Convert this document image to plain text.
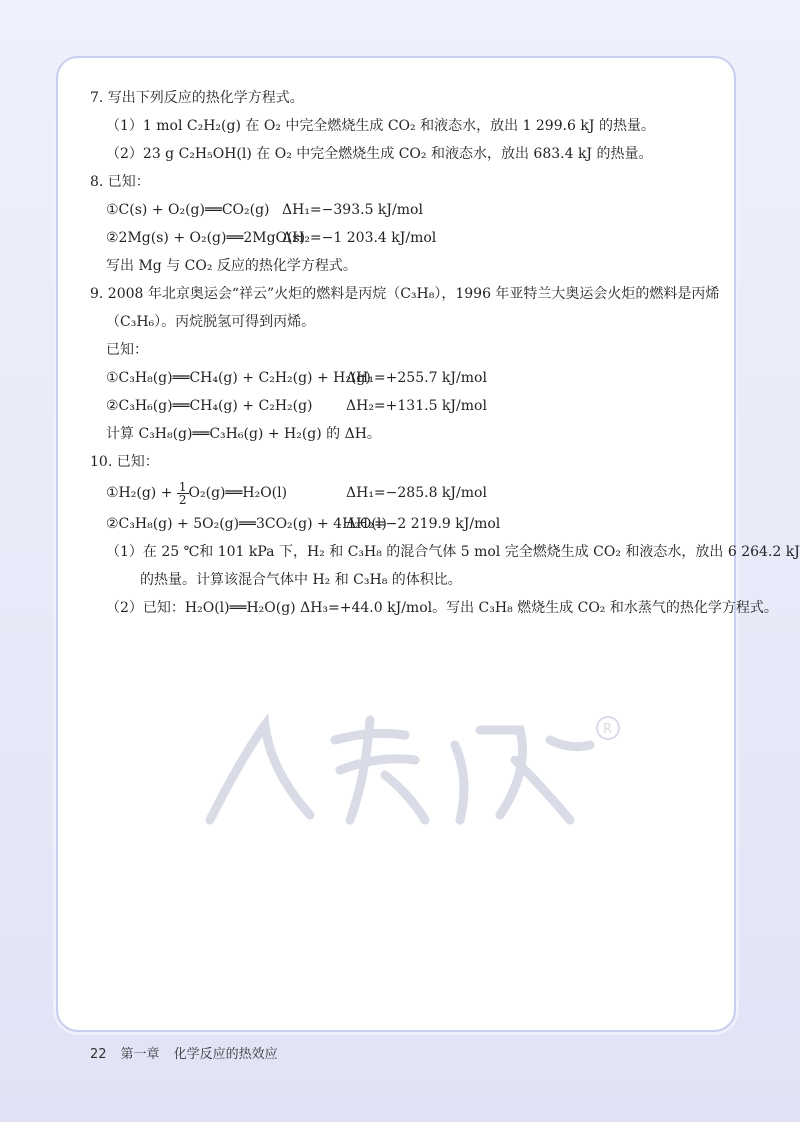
R
7. 写出下列反应的热化学方程式。
（1）1 mol C₂H₂(g) 在 O₂ 中完全燃烧生成 CO₂ 和液态水，放出 1 299.6 kJ 的热量。
（2）23 g C₂H₅OH(l) 在 O₂ 中完全燃烧生成 CO₂ 和液态水，放出 683.4 kJ 的热量。
8. 已知：
①C(s) + O₂(g)══CO₂(g) ΔH₁=−393.5 kJ/mol
②2Mg(s) + O₂(g)══2MgO(s)ΔH₂=−1 203.4 kJ/mol
写出 Mg 与 CO₂ 反应的热化学方程式。
9. 2008 年北京奥运会“祥云”火炬的燃料是丙烷（C₃H₈），1996 年亚特兰大奥运会火炬的燃料是丙烯
（C₃H₆）。丙烷脱氢可得到丙烯。
已知：
①C₃H₈(g)══CH₄(g) + C₂H₂(g) + H₂(g)ΔH₁=+255.7 kJ/mol
②C₃H₆(g)══CH₄(g) + C₂H₂(g) ΔH₂=+131.5 kJ/mol
计算 C₃H₈(g)══C₃H₆(g) + H₂(g) 的 ΔH。
10. 已知：
①H₂(g) + $\frac{1}{2}$ O₂(g)══H₂O(l)	ΔH₁=−285.8 kJ/mol
②C₃H₈(g) + 5O₂(g)══3CO₂(g) + 4H₂O(l)ΔH₂=−2 219.9 kJ/mol
（1）在 25 ℃和 101 kPa 下，H₂ 和 C₃H₈ 的混合气体 5 mol 完全燃烧生成 CO₂ 和液态水，放出 6 264.2 kJ
的热量。计算该混合气体中 H₂ 和 C₃H₈ 的体积比。
（2）已知：H₂O(l)══H₂O(g) ΔH₃=+44.0 kJ/mol。写出 C₃H₈ 燃烧生成 CO₂ 和水蒸气的热化学方程式。
22 第一章 化学反应的热效应
